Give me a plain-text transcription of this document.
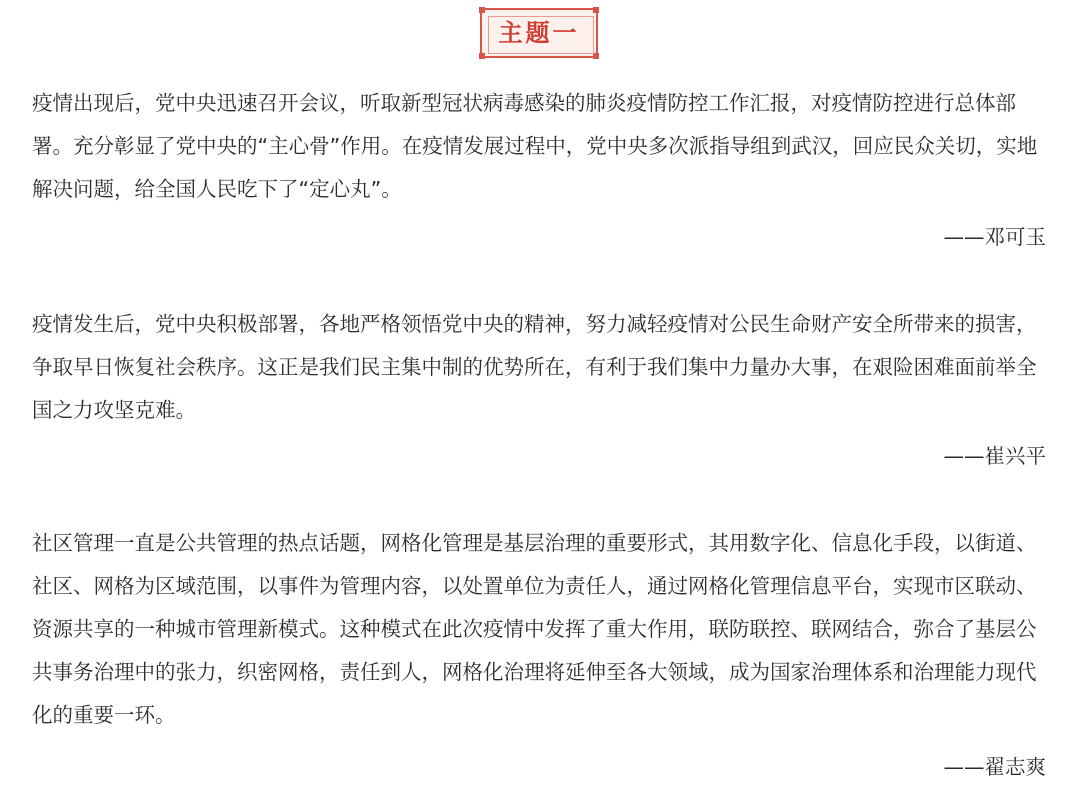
主题一

疫情出现后，党中央迅速召开会议，听取新型冠状病毒感染的肺炎疫情防控工作汇报，对疫情防控进行总体部署。充分彰显了党中央的“主心骨”作用。在疫情发展过程中，党中央多次派指导组到武汉，回应民众关切，实地解决问题，给全国人民吃下了“定心丸”。

——邓可玉

疫情发生后，党中央积极部署，各地严格领悟党中央的精神，努力减轻疫情对公民生命财产安全所带来的损害，争取早日恢复社会秩序。这正是我们民主集中制的优势所在，有利于我们集中力量办大事，在艰险困难面前举全国之力攻坚克难。

——崔兴平

社区管理一直是公共管理的热点话题，网格化管理是基层治理的重要形式，其用数字化、信息化手段，以街道、社区、网格为区域范围，以事件为管理内容，以处置单位为责任人，通过网格化管理信息平台，实现市区联动、资源共享的一种城市管理新模式。这种模式在此次疫情中发挥了重大作用，联防联控、联网结合，弥合了基层公共事务治理中的张力，织密网格，责任到人，网格化治理将延伸至各大领域，成为国家治理体系和治理能力现代化的重要一环。

——翟志爽
